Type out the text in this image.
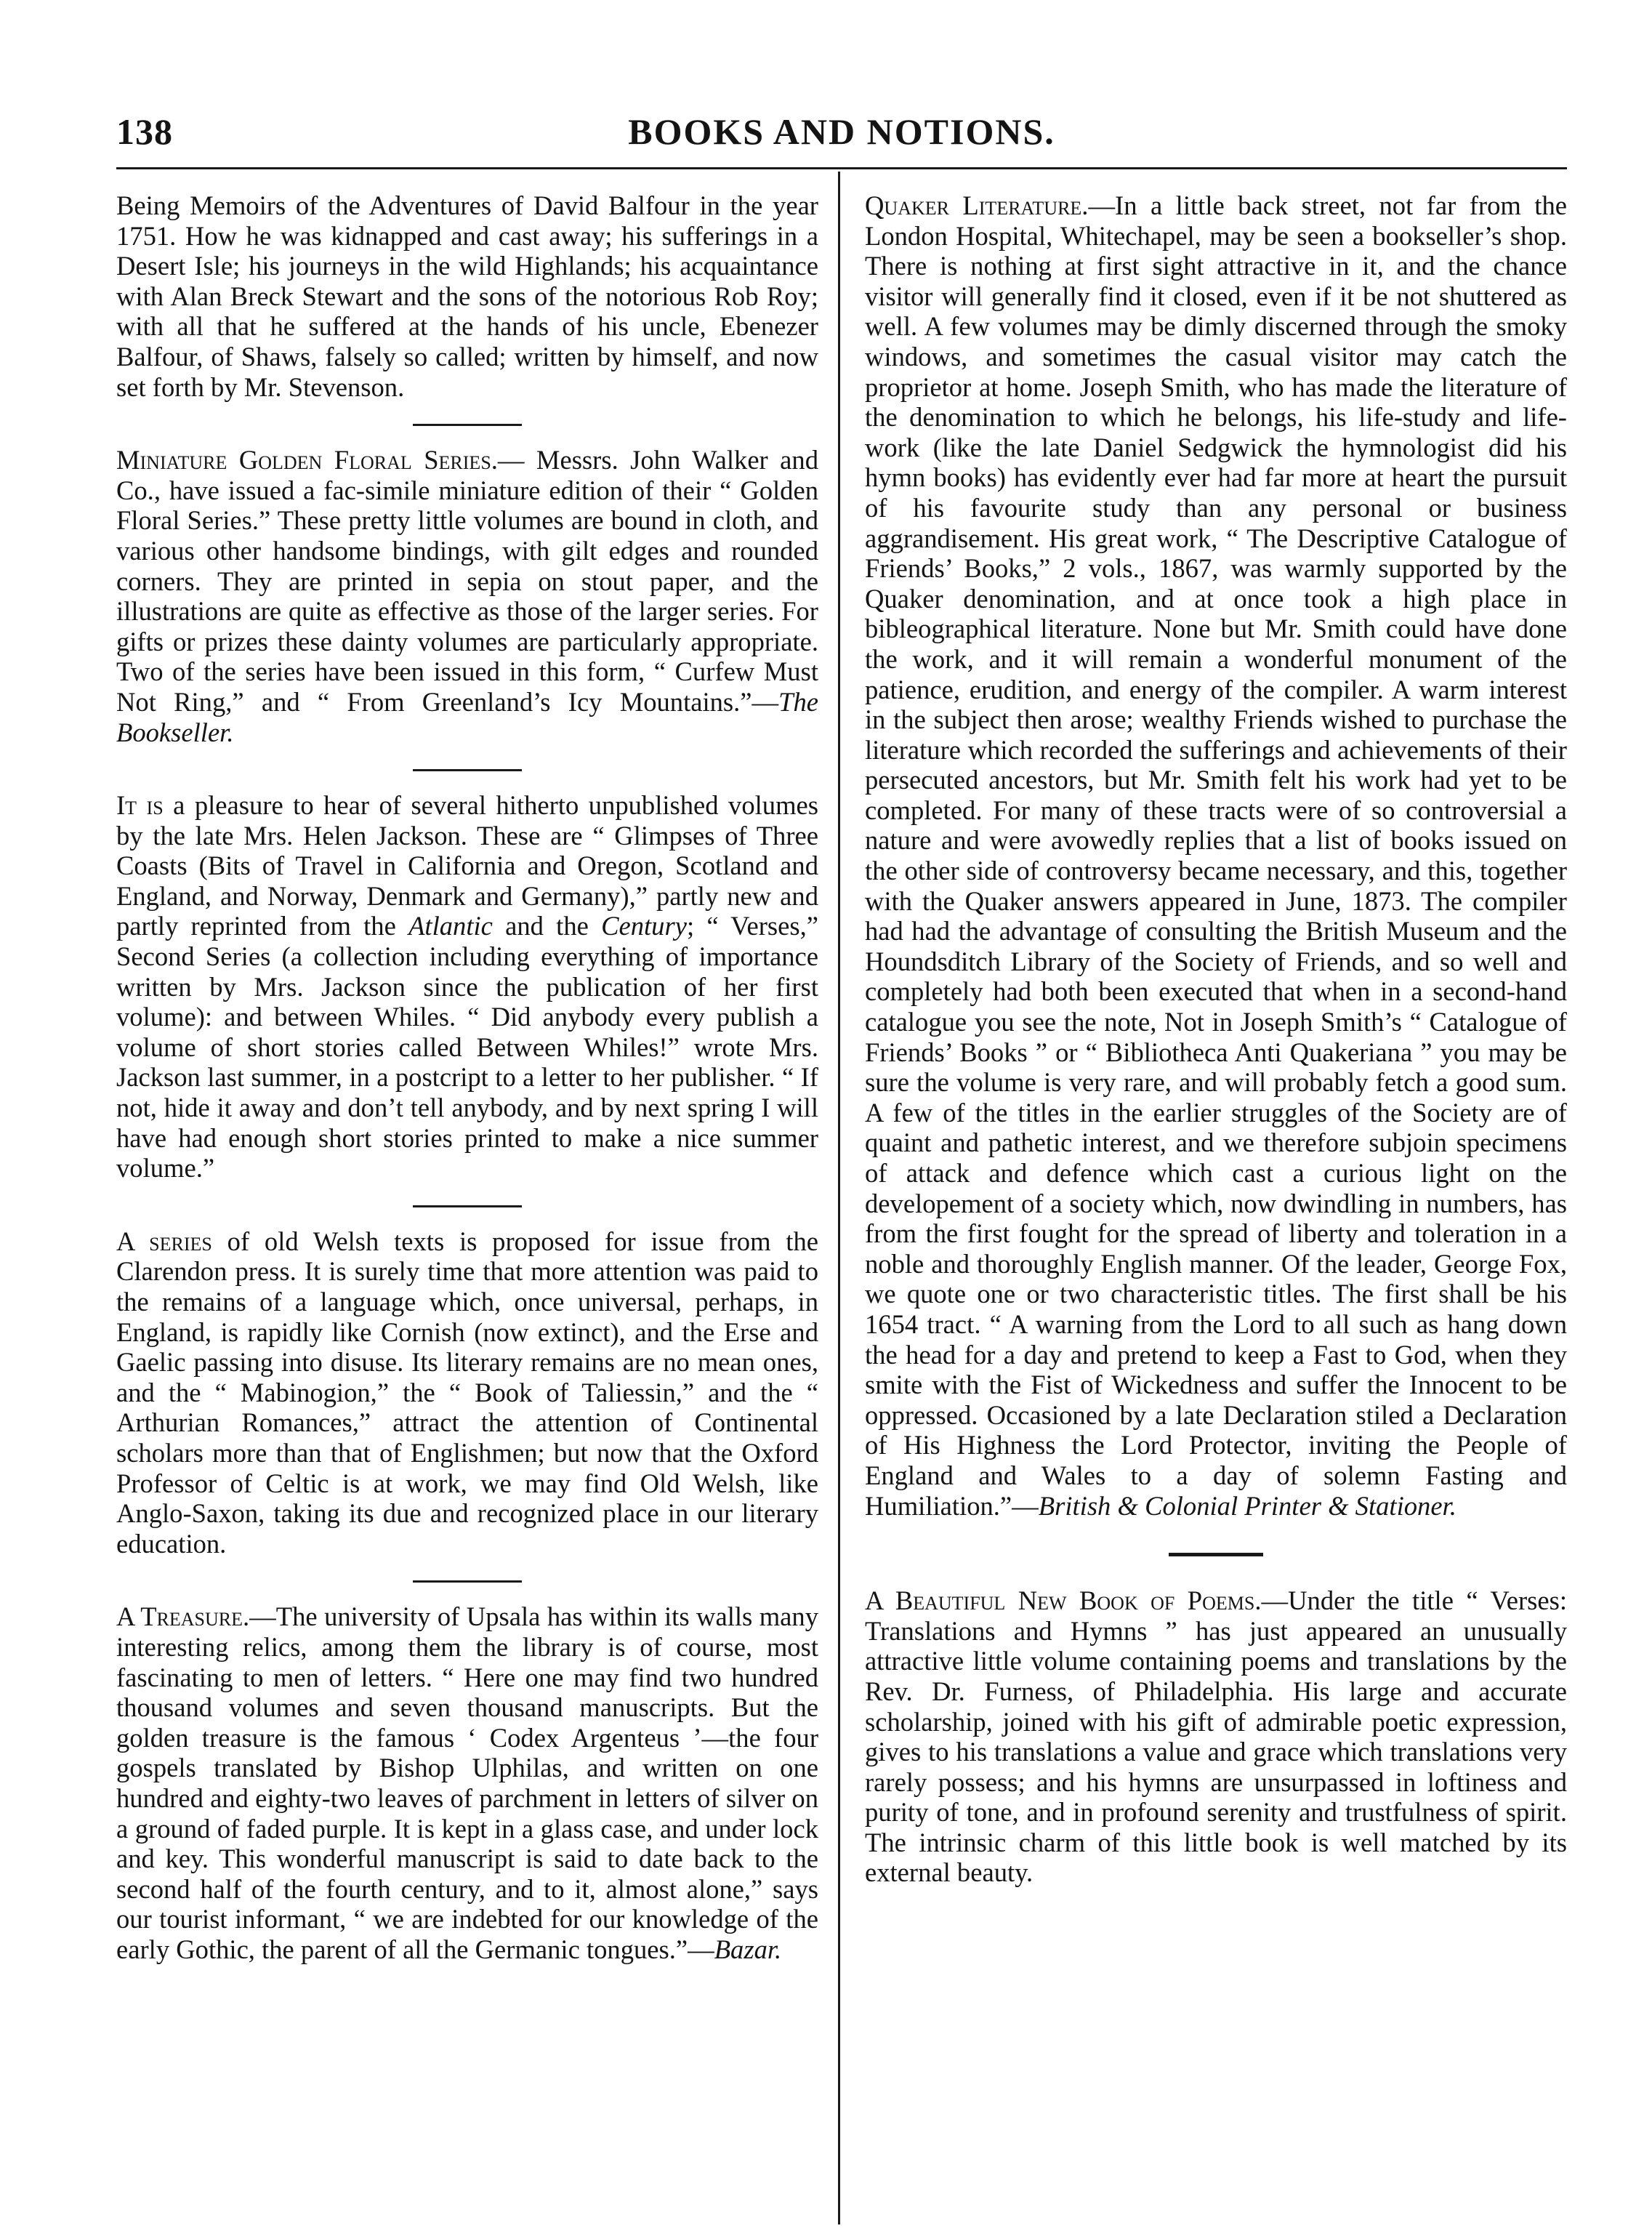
138	BOOKS AND NOTIONS.

Being Memoirs of the Adventures of David Balfour in the year 1751. How he was kidnapped and cast away; his sufferings in a Desert Isle; his journeys in the wild Highlands; his acquaintance with Alan Breck Stewart and the sons of the notorious Rob Roy; with all that he suffered at the hands of his uncle, Ebenezer Balfour, of Shaws, falsely so called; written by himself, and now set forth by Mr. Stevenson.

Miniature Golden Floral Series.— Messrs. John Walker and Co., have issued a fac-simile miniature edition of their “ Golden Floral Series.” These pretty little volumes are bound in cloth, and various other handsome bindings, with gilt edges and rounded corners. They are printed in sepia on stout paper, and the illustrations are quite as effective as those of the larger series. For gifts or prizes these dainty volumes are particularly appropriate. Two of the series have been issued in this form, “ Curfew Must Not Ring,” and “ From Greenland’s Icy Mountains.”—The Bookseller.

It is a pleasure to hear of several hitherto unpublished volumes by the late Mrs. Helen Jackson. These are “ Glimpses of Three Coasts (Bits of Travel in California and Oregon, Scotland and England, and Norway, Denmark and Germany),” partly new and partly reprinted from the Atlantic and the Century; “ Verses,” Second Series (a collection including everything of importance written by Mrs. Jackson since the publication of her first volume): and between Whiles. “ Did anybody every publish a volume of short stories called Between Whiles!” wrote Mrs. Jackson last summer, in a postcript to a letter to her publisher. “ If not, hide it away and don’t tell anybody, and by next spring I will have had enough short stories printed to make a nice summer volume.”

A series of old Welsh texts is proposed for issue from the Clarendon press. It is surely time that more attention was paid to the remains of a language which, once universal, perhaps, in England, is rapidly like Cornish (now extinct), and the Erse and Gaelic passing into disuse. Its literary remains are no mean ones, and the “ Mabinogion,” the “ Book of Taliessin,” and the “ Arthurian Romances,” attract the attention of Continental scholars more than that of Englishmen; but now that the Oxford Professor of Celtic is at work, we may find Old Welsh, like Anglo-Saxon, taking its due and recognized place in our literary education.

A Treasure.—The university of Upsala has within its walls many interesting relics, among them the library is of course, most fascinating to men of letters. “ Here one may find two hundred thousand volumes and seven thousand manuscripts. But the golden treasure is the famous ‘ Codex Argenteus ’—the four gospels translated by Bishop Ulphilas, and written on one hundred and eighty-two leaves of parchment in letters of silver on a ground of faded purple. It is kept in a glass case, and under lock and key. This wonderful manuscript is said to date back to the second half of the fourth century, and to it, almost alone,” says our tourist informant, “ we are indebted for our knowledge of the early Gothic, the parent of all the Germanic tongues.”—Bazar.

Quaker Literature.—In a little back street, not far from the London Hospital, Whitechapel, may be seen a bookseller’s shop. There is nothing at first sight attractive in it, and the chance visitor will generally find it closed, even if it be not shuttered as well. A few volumes may be dimly discerned through the smoky windows, and sometimes the casual visitor may catch the proprietor at home. Joseph Smith, who has made the literature of the denomination to which he belongs, his life-study and life-work (like the late Daniel Sedgwick the hymnologist did his hymn books) has evidently ever had far more at heart the pursuit of his favourite study than any personal or business aggrandisement. His great work, “ The Descriptive Catalogue of Friends’ Books,” 2 vols., 1867, was warmly supported by the Quaker denomination, and at once took a high place in bibleographical literature. None but Mr. Smith could have done the work, and it will remain a wonderful monument of the patience, erudition, and energy of the compiler. A warm interest in the subject then arose; wealthy Friends wished to purchase the literature which recorded the sufferings and achievements of their persecuted ancestors, but Mr. Smith felt his work had yet to be completed. For many of these tracts were of so controversial a nature and were avowedly replies that a list of books issued on the other side of controversy became necessary, and this, together with the Quaker answers appeared in June, 1873. The compiler had had the advantage of consulting the British Museum and the Houndsditch Library of the Society of Friends, and so well and completely had both been executed that when in a second-hand catalogue you see the note, Not in Joseph Smith’s “ Catalogue of Friends’ Books ” or “ Bibliotheca Anti Quakeriana ” you may be sure the volume is very rare, and will probably fetch a good sum. A few of the titles in the earlier struggles of the Society are of quaint and pathetic interest, and we therefore subjoin specimens of attack and defence which cast a curious light on the developement of a society which, now dwindling in numbers, has from the first fought for the spread of liberty and toleration in a noble and thoroughly English manner. Of the leader, George Fox, we quote one or two characteristic titles. The first shall be his 1654 tract. “ A warning from the Lord to all such as hang down the head for a day and pretend to keep a Fast to God, when they smite with the Fist of Wickedness and suffer the Innocent to be oppressed. Occasioned by a late Declaration stiled a Declaration of His Highness the Lord Protector, inviting the People of England and Wales to a day of solemn Fasting and Humiliation.”—British & Colonial Printer & Stationer.

A Beautiful New Book of Poems.—Under the title “ Verses: Translations and Hymns ” has just appeared an unusually attractive little volume containing poems and translations by the Rev. Dr. Furness, of Philadelphia. His large and accurate scholarship, joined with his gift of admirable poetic expression, gives to his translations a value and grace which translations very rarely possess; and his hymns are unsurpassed in loftiness and purity of tone, and in profound serenity and trustfulness of spirit. The intrinsic charm of this little book is well matched by its external beauty.
